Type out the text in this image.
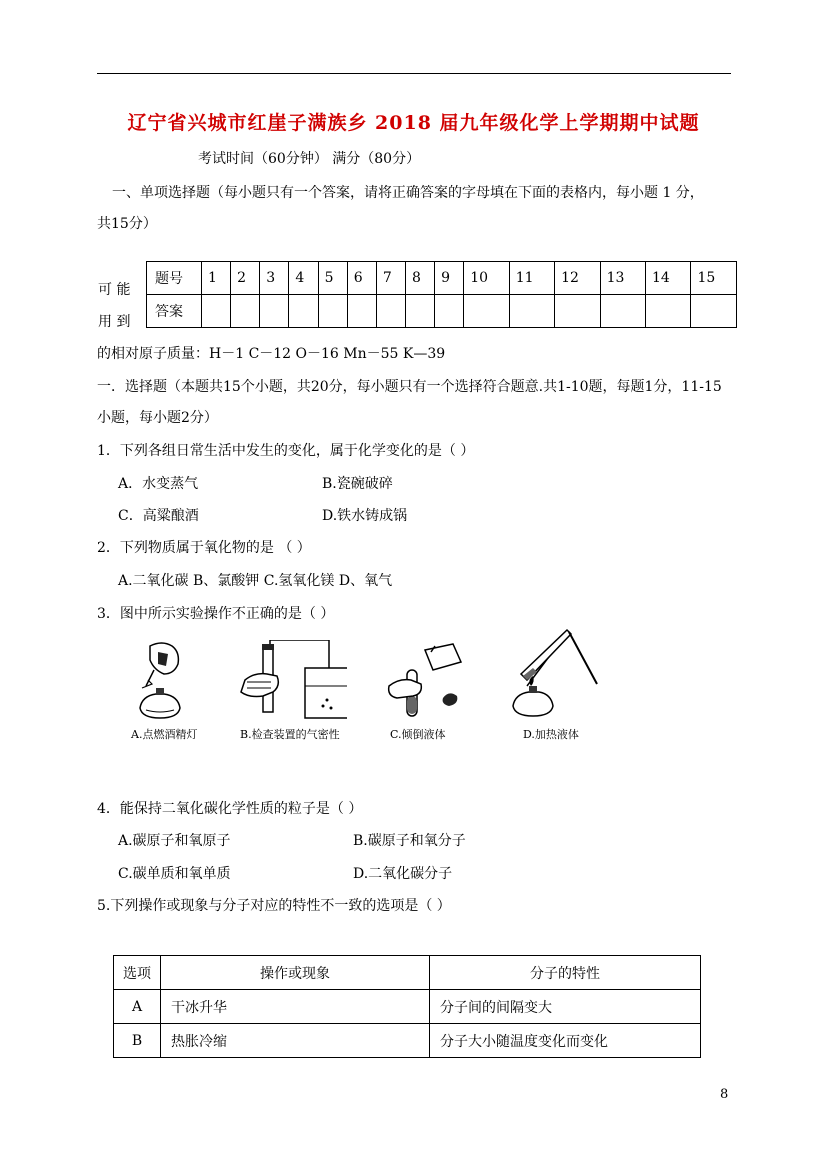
辽宁省兴城市红崖子满族乡 2018 届九年级化学上学期期中试题
考试时间（60分钟） 满分（80分）
一、单项选择题（每小题只有一个答案，请将正确答案的字母填在下面的表格内，每小题 1 分，
共15分）
可 能
用 到
题号	1	2	3	4	5	6	7	8	9	10	11	12	13	14	15
答案															
的相对原子质量：H－1 C－12 O－16 Mn－55 K—39
一．选择题（本题共15个小题，共20分，每小题只有一个选择符合题意.共1-10题，每题1分，11-15
小题，每小题2分）
1．下列各组日常生活中发生的变化，属于化学变化的是（ ）
A．水变蒸气	B.瓷碗破碎
C．高粱酿酒	D.铁水铸成锅
2．下列物质属于氧化物的是 （ ）
A.二氧化碳 B、氯酸钾 C.氢氧化镁 D、氧气
3．图中所示实验操作不正确的是（ ）
A.点燃酒精灯	B.检查装置的气密性	C.倾倒液体	D.加热液体
4．能保持二氧化碳化学性质的粒子是（ ）
A.碳原子和氧原子	B.碳原子和氧分子
C.碳单质和氧单质	D.二氧化碳分子
5.下列操作或现象与分子对应的特性不一致的选项是（ ）
选项	操作或现象	分子的特性
A	干冰升华	分子间的间隔变大
B	热胀冷缩	分子大小随温度变化而变化
8
